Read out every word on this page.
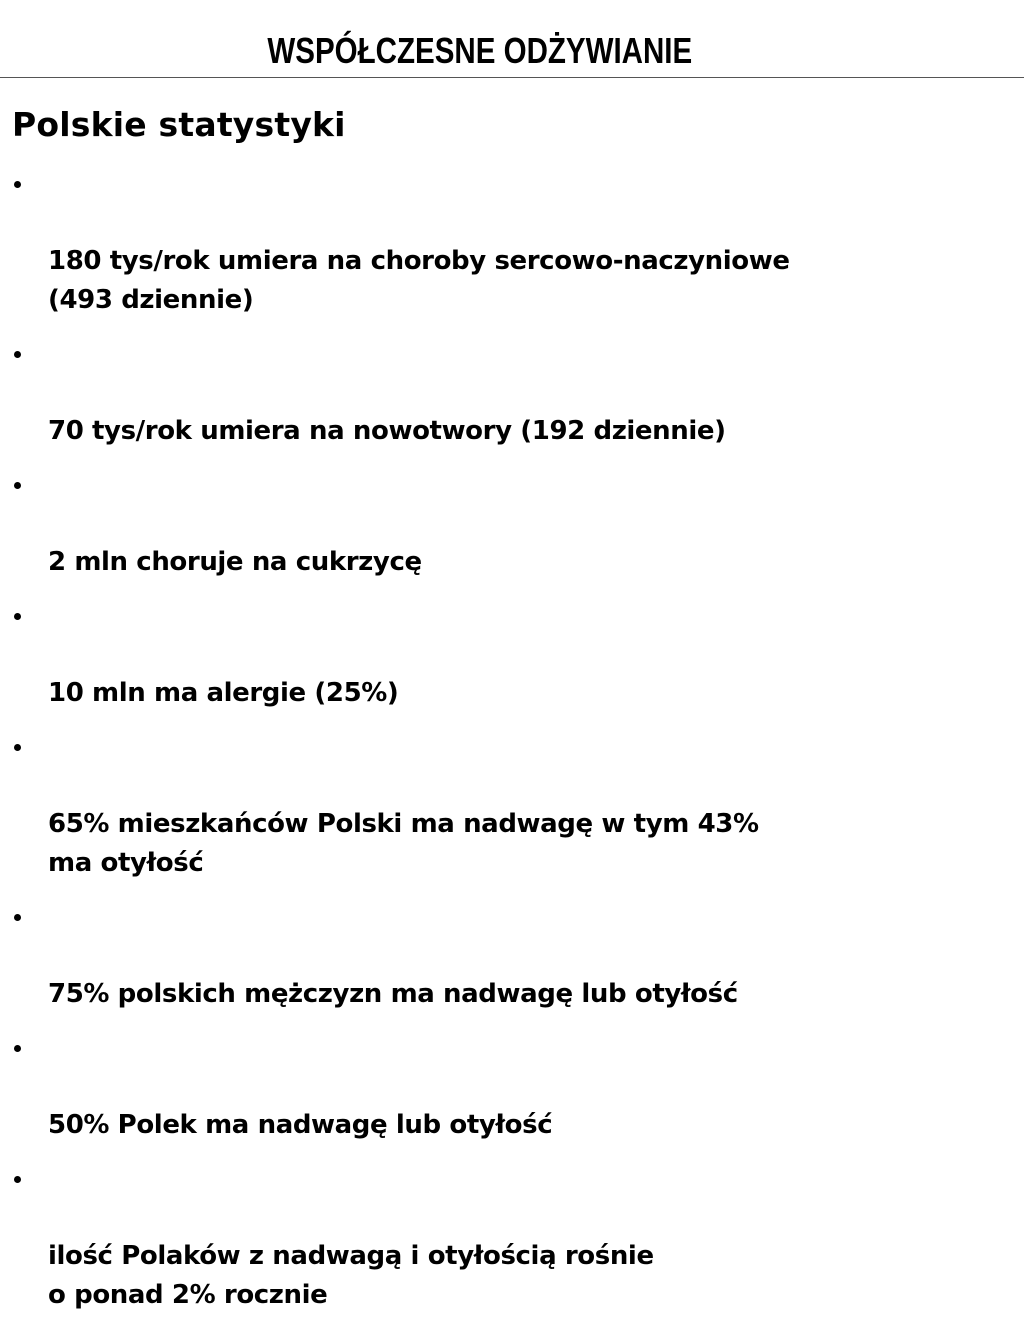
WSPÓŁCZESNE ODŻYWIANIE
Polskie statystyki

180 tys/rok umiera na choroby sercowo-naczyniowe
(493 dziennie)

70 tys/rok umiera na nowotwory (192 dziennie)

2 mln choruje na cukrzycę

10 mln ma alergie (25%)

65% mieszkańców Polski ma nadwagę w tym 43%
ma otyłość

75% polskich mężczyzn ma nadwagę lub otyłość

50% Polek ma nadwagę lub otyłość

ilość Polaków z nadwagą i otyłością rośnie
o ponad 2% rocznie
